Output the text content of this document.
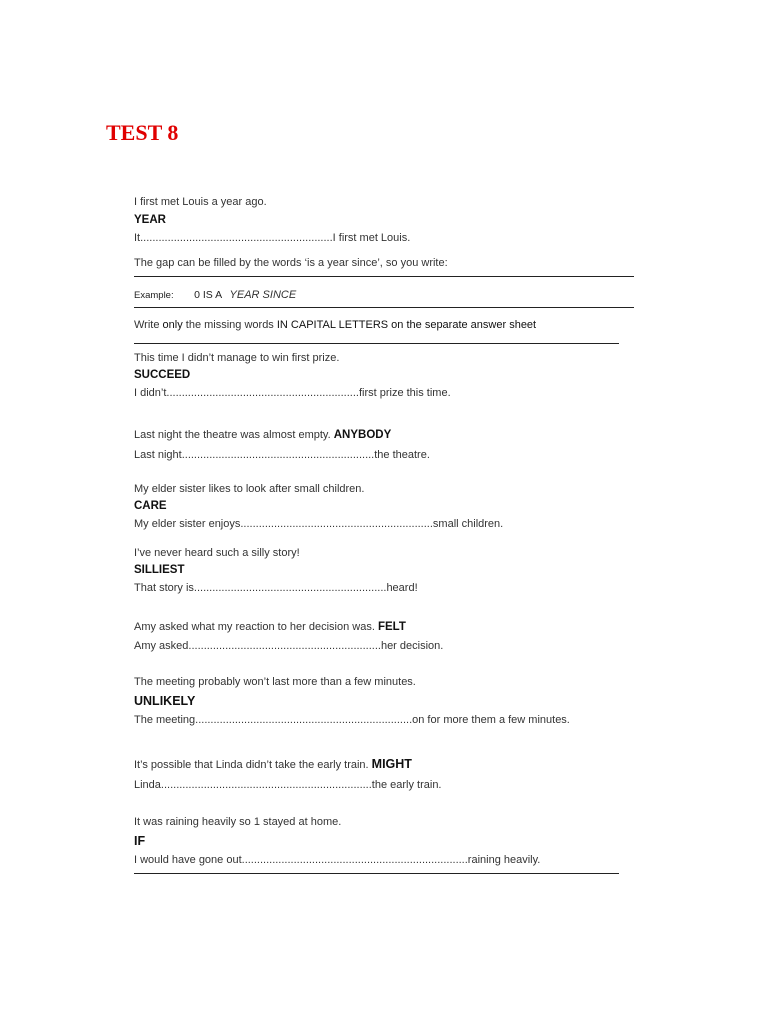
TEST 8
I first met Louis a year ago.
YEAR
It...............................................................I first met Louis.
The gap can be filled by the words ‘is a year since’, so you write:
Example: 0 IS A YEAR SINCE
Write only the missing words IN CAPITAL LETTERS on the separate answer sheet
This time I didn’t manage to win first prize.
SUCCEED
I didn’t...............................................................first prize this time.
Last night the theatre was almost empty. ANYBODY
Last night...............................................................the theatre.
My elder sister likes to look after small children.
CARE
My elder sister enjoys...............................................................small children.
I’ve never heard such a silly story!
SILLIEST
That story is...............................................................heard!
Amy asked what my reaction to her decision was. FELT
Amy asked...............................................................her decision.
The meeting probably won’t last more than a few minutes.
UNLIKELY
The meeting.......................................................................on for more them a few minutes.
It’s possible that Linda didn’t take the early train. MIGHT
Linda.....................................................................the early train.
It was raining heavily so 1 stayed at home.
IF
I would have gone out..........................................................................raining heavily.
